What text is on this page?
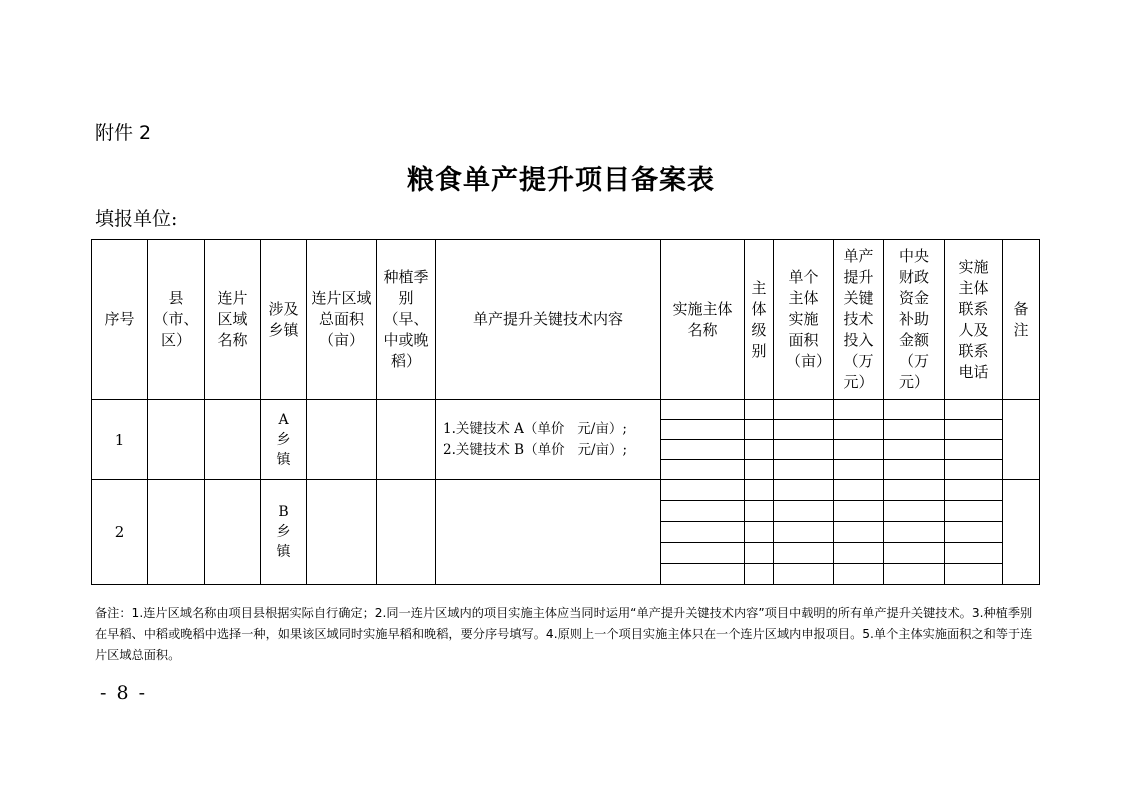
附件 2
粮食单产提升项目备案表
填报单位:
序号	县（市、区）	连片区域名称	涉及乡镇	连片区域总面积（亩）	种植季别（早、中或晚稻）	单产提升关键技术内容	实施主体名称	主体级别	单个主体实施面积（亩）	单产提升关键技术投入（万元）	中央财政资金补助金额（万元）	实施主体联系人及联系电话	备注
1			A 乡镇			1.关键技术 A（单价   元/亩）;
2.关键技术 B（单价   元/亩）;							

2			B 乡镇										

备注：1.连片区域名称由项目县根据实际自行确定；2.同一连片区域内的项目实施主体应当同时运用“单产提升关键技术内容”项目中载明的所有单产提升关键技术。3.种植季别在早稻、中稻或晚稻中选择一种，如果该区域同时实施早稻和晚稻，要分序号填写。4.原则上一个项目实施主体只在一个连片区域内申报项目。5.单个主体实施面积之和等于连片区域总面积。
- 8 -
